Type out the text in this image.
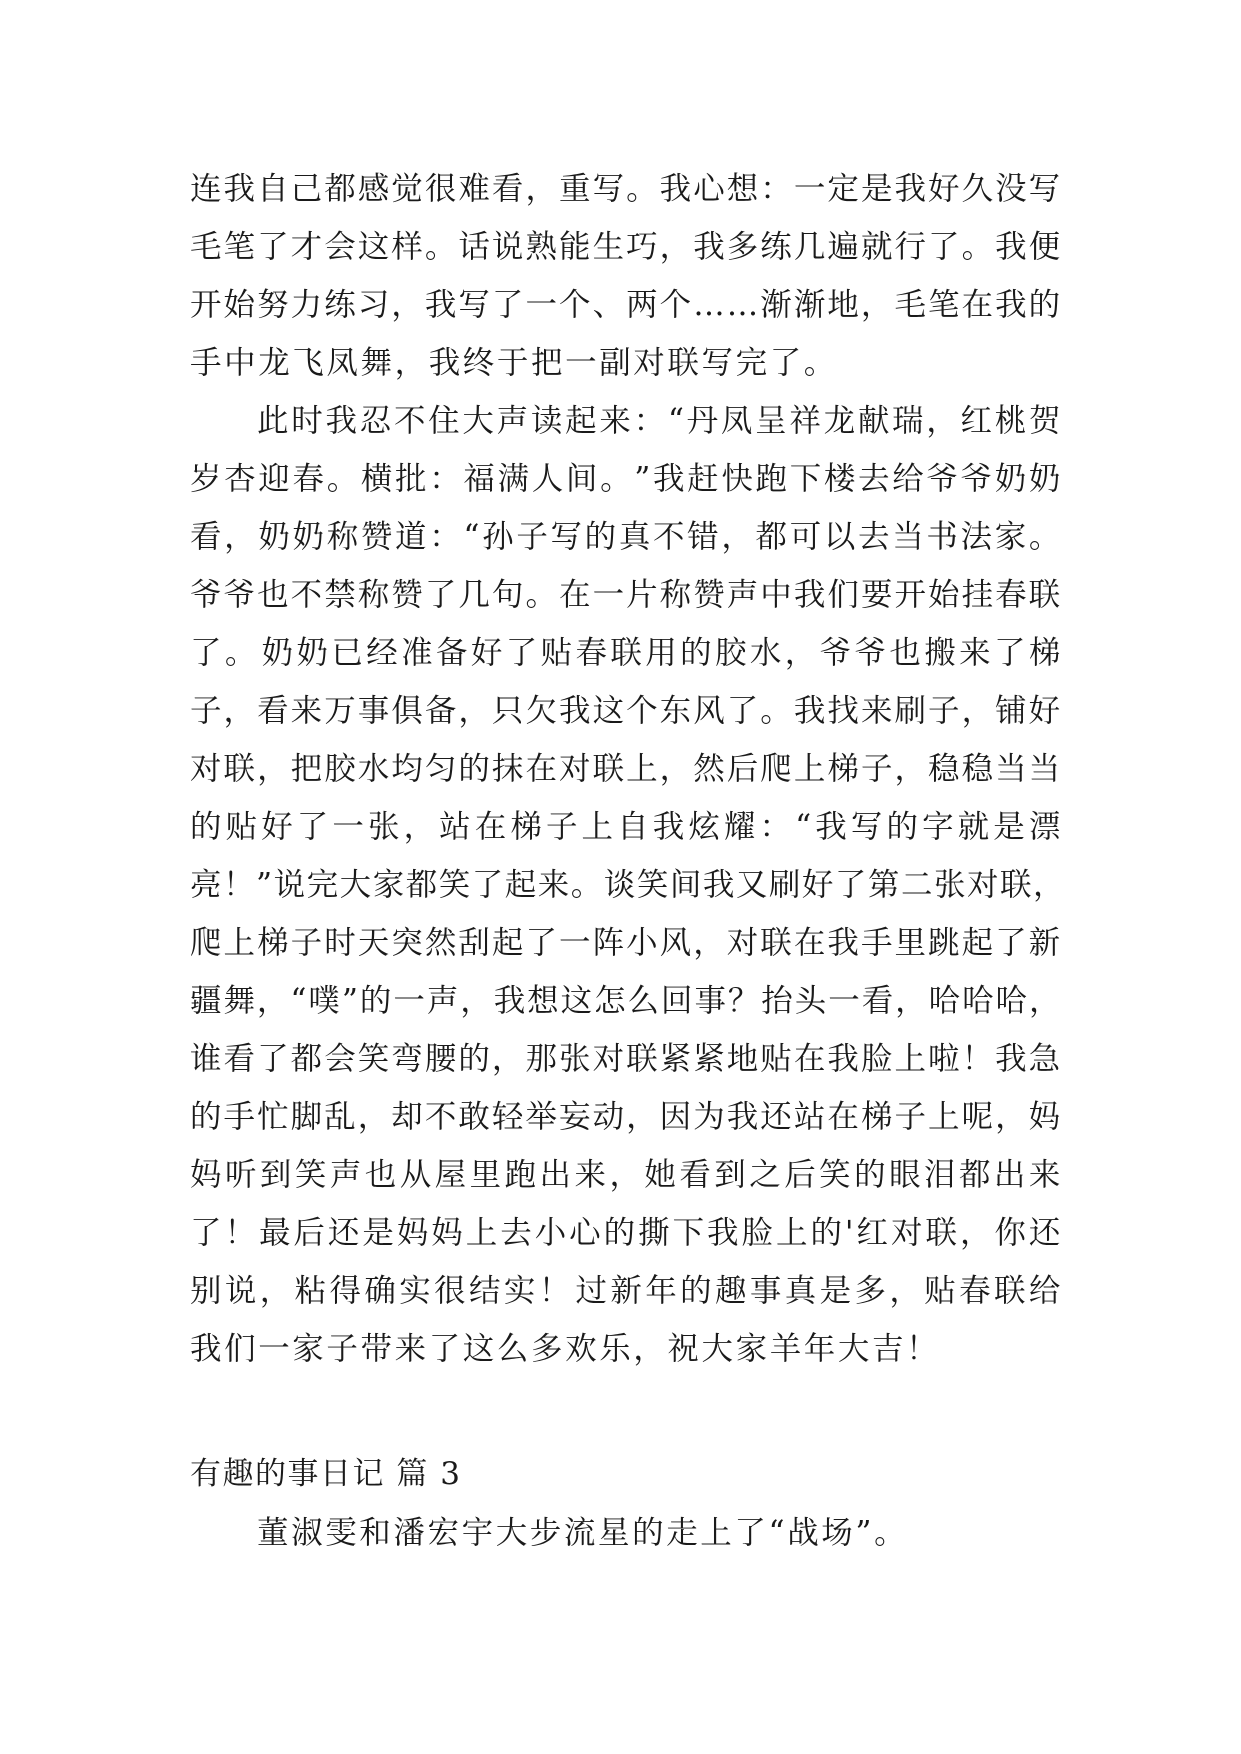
连 我 自 己 都 感 觉 很 难 看 ， 重 写 。 我 心 想 ： 一 定 是 我 好 久 没 写
毛 笔 了 才 会 这 样 。 话 说 熟 能 生 巧 ， 我 多 练 几 遍 就 行 了 。 我 便
开 始 努 力 练 习 ， 我 写 了 一 个 、 两 个 … … 渐 渐 地 ， 毛 笔 在 我 的
手中龙飞凤舞，我终于把一副对联写完了。
此 时 我 忍 不 住 大 声 读 起 来 ： “ 丹 凤 呈 祥 龙 献 瑞 ， 红 桃 贺
岁 杏 迎 春 。 横 批 ： 福 满 人 间 。 ” 我 赶 快 跑 下 楼 去 给 爷 爷 奶 奶
看 ， 奶 奶 称 赞 道 ： “ 孙 子 写 的 真 不 错 ， 都 可 以 去 当 书 法 家 。
爷 爷 也 不 禁 称 赞 了 几 句 。 在 一 片 称 赞 声 中 我 们 要 开 始 挂 春 联
了 。 奶 奶 已 经 准 备 好 了 贴 春 联 用 的 胶 水 ， 爷 爷 也 搬 来 了 梯
子 ， 看 来 万 事 俱 备 ， 只 欠 我 这 个 东 风 了 。 我 找 来 刷 子 ， 铺 好
对 联 ， 把 胶 水 均 匀 的 抹 在 对 联 上 ， 然 后 爬 上 梯 子 ， 稳 稳 当 当
的 贴 好 了 一 张 ， 站 在 梯 子 上 自 我 炫 耀 ： “ 我 写 的 字 就 是 漂
亮 ！ ” 说 完 大 家 都 笑 了 起 来 。 谈 笑 间 我 又 刷 好 了 第 二 张 对 联 ，
爬 上 梯 子 时 天 突 然 刮 起 了 一 阵 小 风 ， 对 联 在 我 手 里 跳 起 了 新
疆 舞 ， “ 噗 ” 的 一 声 ， 我 想 这 怎 么 回 事 ？ 抬 头 一 看 ， 哈 哈 哈 ，
谁 看 了 都 会 笑 弯 腰 的 ， 那 张 对 联 紧 紧 地 贴 在 我 脸 上 啦 ！ 我 急
的 手 忙 脚 乱 ， 却 不 敢 轻 举 妄 动 ， 因 为 我 还 站 在 梯 子 上 呢 ， 妈
妈 听 到 笑 声 也 从 屋 里 跑 出 来 ， 她 看 到 之 后 笑 的 眼 泪 都 出 来
了 ！ 最 后 还 是 妈 妈 上 去 小 心 的 撕 下 我 脸 上 的 ' 红 对 联 ， 你 还
别 说 ， 粘 得 确 实 很 结 实 ！ 过 新 年 的 趣 事 真 是 多 ， 贴 春 联 给
我们一家子带来了这么多欢乐，祝大家羊年大吉！
有趣的事日记 篇 3
董淑雯和潘宏宇大步流星的走上了“战场”。
